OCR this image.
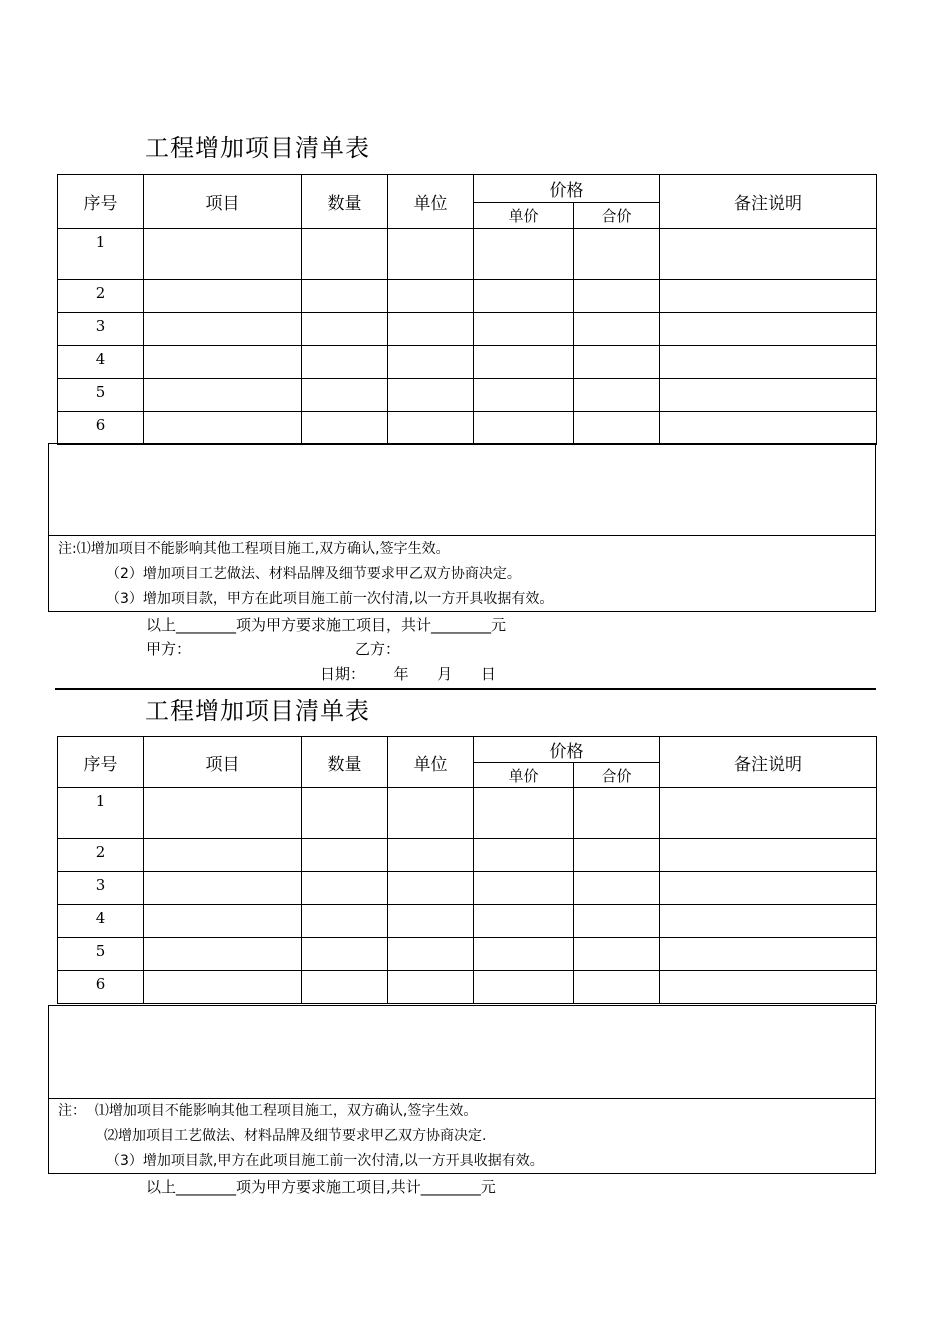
工程增加项目清单表
序号	项目	数量	单位	价格		备注说明
				单价	合价	
1						
2						
3						
4						
5						
6						
注:⑴增加项目不能影响其他工程项目施工,双方确认,签字生效。
（2）增加项目工艺做法、材料品牌及细节要求甲乙双方协商决定。
（3）增加项目款，甲方在此项目施工前一次付清,以一方开具收据有效。
以上________项为甲方要求施工项目，共计________元
甲方：	乙方：
日期：      年      月      日
工程增加项目清单表
序号	项目	数量	单位	价格		备注说明
				单价	合价	
1						
2						
3						
4						
5						
6						
注：  ⑴增加项目不能影响其他工程项目施工，双方确认,签字生效。
⑵增加项目工艺做法、材料品牌及细节要求甲乙双方协商决定.
（3）增加项目款,甲方在此项目施工前一次付清,以一方开具收据有效。
以上________项为甲方要求施工项目,共计________元
